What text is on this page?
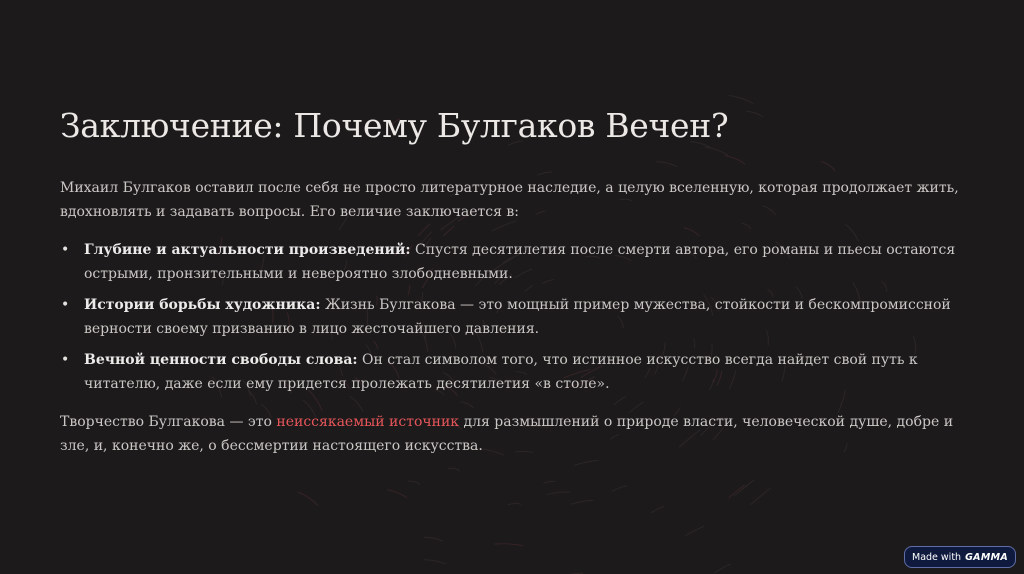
Заключение: Почему Булгаков Вечен?

Михаил Булгаков оставил после себя не просто литературное наследие, а целую вселенную, которая продолжает жить, вдохновлять и задавать вопросы. Его величие заключается в:

• Глубине и актуальности произведений: Спустя десятилетия после смерти автора, его романы и пьесы остаются острыми, пронзительными и невероятно злободневными.
• Истории борьбы художника: Жизнь Булгакова — это мощный пример мужества, стойкости и бескомпромиссной верности своему призванию в лицо жесточайшего давления.
• Вечной ценности свободы слова: Он стал символом того, что истинное искусство всегда найдет свой путь к читателю, даже если ему придется пролежать десятилетия «в столе».

Творчество Булгакова — это неиссякаемый источник для размышлений о природе власти, человеческой душе, добре и зле, и, конечно же, о бессмертии настоящего искусства.

Made with GAMMA
